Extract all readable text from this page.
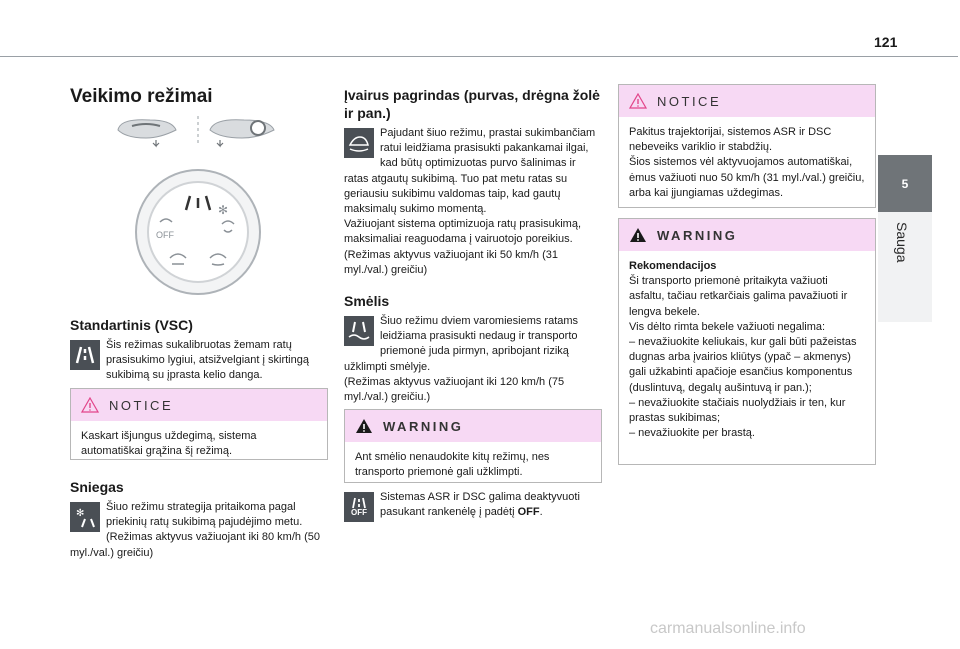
121
5
Sauga
Veikimo režimai
✻
OFF
Standartinis (VSC)
Šis režimas sukalibruotas žemam ratų prasisukimo lygiui, atsižvelgiant į skirtingą sukibimą su įprasta kelio danga.
NOTICE
Kaskart išjungus uždegimą, sistema automatiškai grąžina šį režimą.
Sniegas
✻
Šiuo režimu strategija pritaikoma pagal priekinių ratų sukibimą pajudėjimo metu.
(Režimas aktyvus važiuojant iki 80 km/h (50 myl./val.) greičiu)
Įvairus pagrindas (purvas, drėgna žolė ir pan.)
Pajudant šiuo režimu, prastai sukimbančiam ratui leidžiama prasisukti pakankamai ilgai, kad būtų optimizuotas purvo šalinimas ir ratas atgautų sukibimą. Tuo pat metu ratas su geriausiu sukibimu valdomas taip, kad gautų maksimalų sukimo momentą.
Važiuojant sistema optimizuoja ratų prasisukimą, maksimaliai reaguodama į vairuotojo poreikius.
(Režimas aktyvus važiuojant iki 50 km/h (31 myl./val.) greičiu)
Smėlis
Šiuo režimu dviem varomiesiems ratams leidžiama prasisukti nedaug ir transporto priemonė juda pirmyn, apribojant riziką užklimpti smėlyje.
(Režimas aktyvus važiuojant iki 120 km/h (75 myl./val.) greičiu.)
WARNING
Ant smėlio nenaudokite kitų režimų, nes transporto priemonė gali užklimpti.
OFF
Sistemas ASR ir DSC galima deaktyvuoti pasukant rankenėlę į padėtį OFF.
NOTICE
Pakitus trajektorijai, sistemos ASR ir DSC nebeveiks variklio ir stabdžių.
Šios sistemos vėl aktyvuojamos automatiškai, ėmus važiuoti nuo 50 km/h (31 myl./val.) greičiu, arba kai įjungiamas uždegimas.
WARNING
Rekomendacijos
Ši transporto priemonė pritaikyta važiuoti asfaltu, tačiau retkarčiais galima pavažiuoti ir lengva bekele.
Vis dėlto rimta bekele važiuoti negalima:
– nevažiuokite keliukais, kur gali būti pažeistas dugnas arba įvairios kliūtys (ypač – akmenys) gali užkabinti apačioje esančius komponentus (duslintuvą, degalų aušintuvą ir pan.);
– nevažiuokite stačiais nuolydžiais ir ten, kur prastas sukibimas;
– nevažiuokite per brastą.
carmanualsonline.info
